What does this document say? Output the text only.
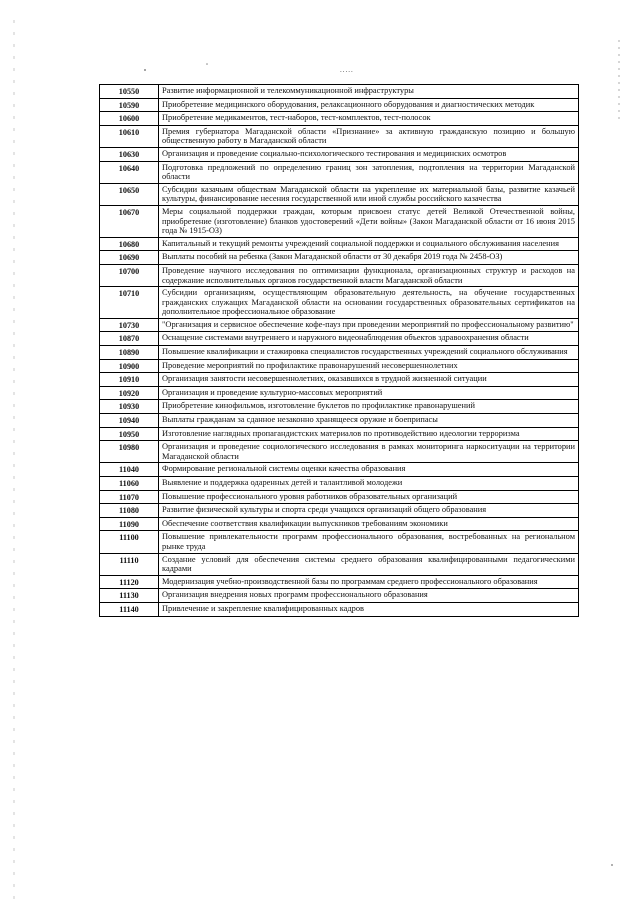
.....
10550	Развитие информационной и телекоммуникационной инфраструктуры
10590	Приобретение медицинского оборудования, релаксационного оборудования и диагностических методик
10600	Приобретение медикаментов, тест-наборов, тест-комплектов, тест-полосок
10610	Премия губернатора Магаданской области «Признание» за активную гражданскую позицию и большую общественную работу в Магаданской области
10630	Организация и проведение социально-психологического тестирования и медицинских осмотров
10640	Подготовка предложений по определению границ зон затопления, подтопления на территории Магаданской области
10650	Субсидии казачьим обществам Магаданской области на укрепление их материальной базы, развитие казачьей культуры, финансирование несения государственной или иной службы российского казачества
10670	Меры социальной поддержки граждан, которым присвоен статус детей Великой Отечественной войны, приобретение (изготовление) бланков удостоверений «Дети войны» (Закон Магаданской области от 16 июня 2015 года № 1915-ОЗ)
10680	Капитальный и текущий ремонты учреждений социальной поддержки и социального обслуживания населения
10690	Выплаты пособий на ребенка (Закон Магаданской области от 30 декабря 2019 года № 2458-ОЗ)
10700	Проведение научного исследования по оптимизации функционала, организационных структур и расходов на содержание исполнительных органов государственной власти Магаданской области
10710	Субсидии организациям, осуществляющим образовательную деятельность, на обучение государственных гражданских служащих Магаданской области на основании государственных образовательных сертификатов на дополнительное профессиональное образование
10730	"Организация и сервисное обеспечение кофе-пауз при проведении мероприятий по профессиональному развитию"
10870	Оснащение системами внутреннего и наружного видеонаблюдения объектов здравоохранения области
10890	Повышение квалификации и стажировка специалистов государственных учреждений социального обслуживания
10900	Проведение мероприятий по профилактике правонарушений несовершеннолетних
10910	Организация занятости несовершеннолетних, оказавшихся в трудной жизненной ситуации
10920	Организация и проведение культурно-массовых мероприятий
10930	Приобретение кинофильмов, изготовление буклетов по профилактике правонарушений
10940	Выплаты гражданам за сданное незаконно хранящееся оружие и боеприпасы
10950	Изготовление наглядных пропагандистских материалов по противодействию идеологии терроризма
10980	Организация и проведение социологического исследования в рамках мониторинга наркоситуации на территории Магаданской области
11040	Формирование региональной системы оценки качества образования
11060	Выявление и поддержка одаренных детей и талантливой молодежи
11070	Повышение профессионального уровня работников образовательных организаций
11080	Развитие физической культуры и спорта среди учащихся организаций общего образования
11090	Обеспечение соответствия квалификации выпускников требованиям экономики
11100	Повышение привлекательности программ профессионального образования, востребованных на региональном рынке труда
11110	Создание условий для обеспечения системы среднего образования квалифицированными педагогическими кадрами
11120	Модернизация учебно-производственной базы по программам среднего профессионального образования
11130	Организация внедрения новых программ профессионального образования
11140	Привлечение и закрепление квалифицированных кадров
